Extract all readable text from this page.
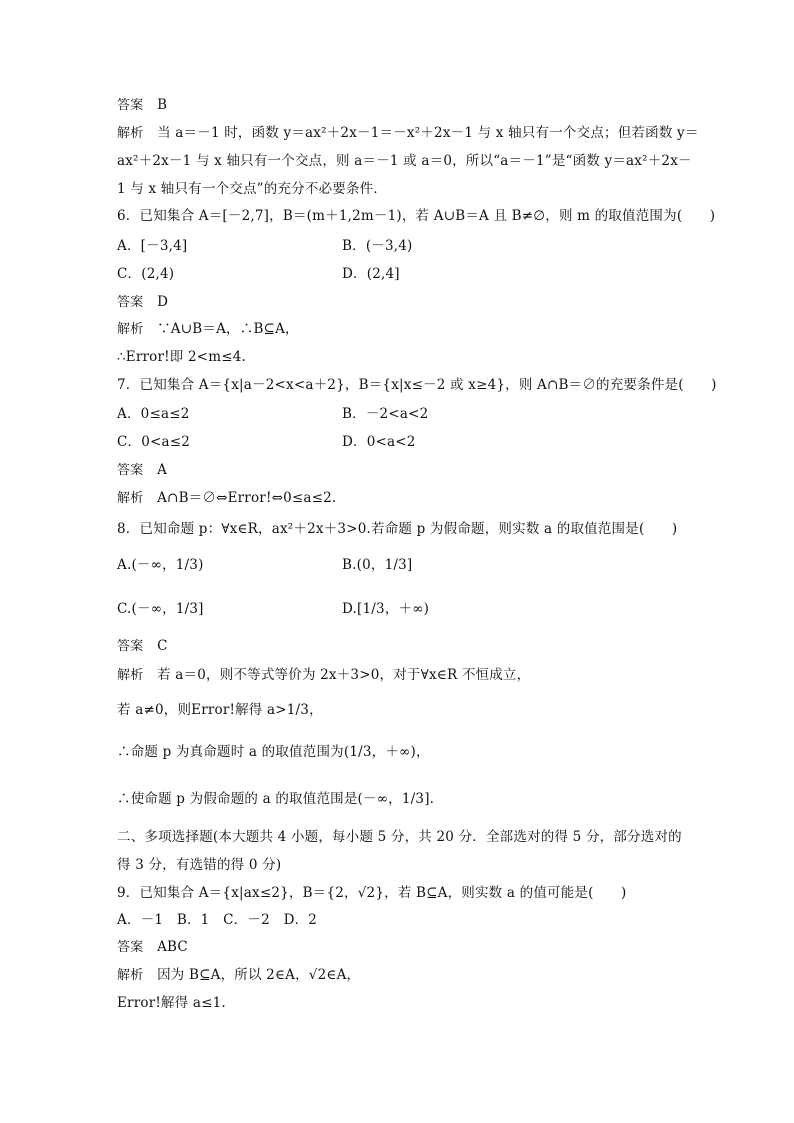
答案　 B
解析　 当 a＝－1 时，函数 y＝ax²＋2x－1＝－x²＋2x－1 与 x 轴只有一个交点；但若函数 y＝
ax²＋2x－1 与 x 轴只有一个交点，则 a＝－1 或 a＝0，所以“a＝－1”是“函数 y＝ax²＋2x－
1 与 x 轴只有一个交点”的充分不必要条件．
6．已知集合 A＝[－2,7]，B＝(m＋1,2m－1)，若 A∪B＝A 且 B≠∅，则 m 的取值范围为(　　)
A．[－3,4]	B．(－3,4)
C．(2,4)	D．(2,4]
答案　 D
解析　 ∵A∪B＝A，∴B⊆A，
∴Error!即 2<m≤4.
7．已知集合 A＝{x|a－2<x<a＋2}，B＝{x|x≤－2 或 x≥4}，则 A∩B＝∅的充要条件是(　　)
A．0≤a≤2	B．－2<a<2
C．0<a≤2	D．0<a<2
答案　 A
解析　 A∩B＝∅⇔Error!⇔0≤a≤2.
8．已知命题 p：∀x∈R，ax²＋2x＋3>0.若命题 p 为假命题，则实数 a 的取值范围是(　　)
A.(－∞，1/3)	B.(0，1/3]
C.(－∞，1/3]	D.[1/3，＋∞)
答案　 C
解析　 若 a＝0，则不等式等价为 2x＋3>0，对于∀x∈R 不恒成立，
若 a≠0，则Error!解得 a>1/3，
∴命题 p 为真命题时 a 的取值范围为(1/3，＋∞)，
∴使命题 p 为假命题的 a 的取值范围是(－∞，1/3].
二、多项选择题(本大题共 4 小题，每小题 5 分，共 20 分．全部选对的得 5 分，部分选对的
得 3 分，有选错的得 0 分)
9．已知集合 A＝{x|ax≤2}，B＝{2，√2}，若 B⊆A，则实数 a 的值可能是(　　)
A．－1　B．1　C．－2　D．2
答案　 ABC
解析　 因为 B⊆A，所以 2∈A，√2∈A，
Error!解得 a≤1.
